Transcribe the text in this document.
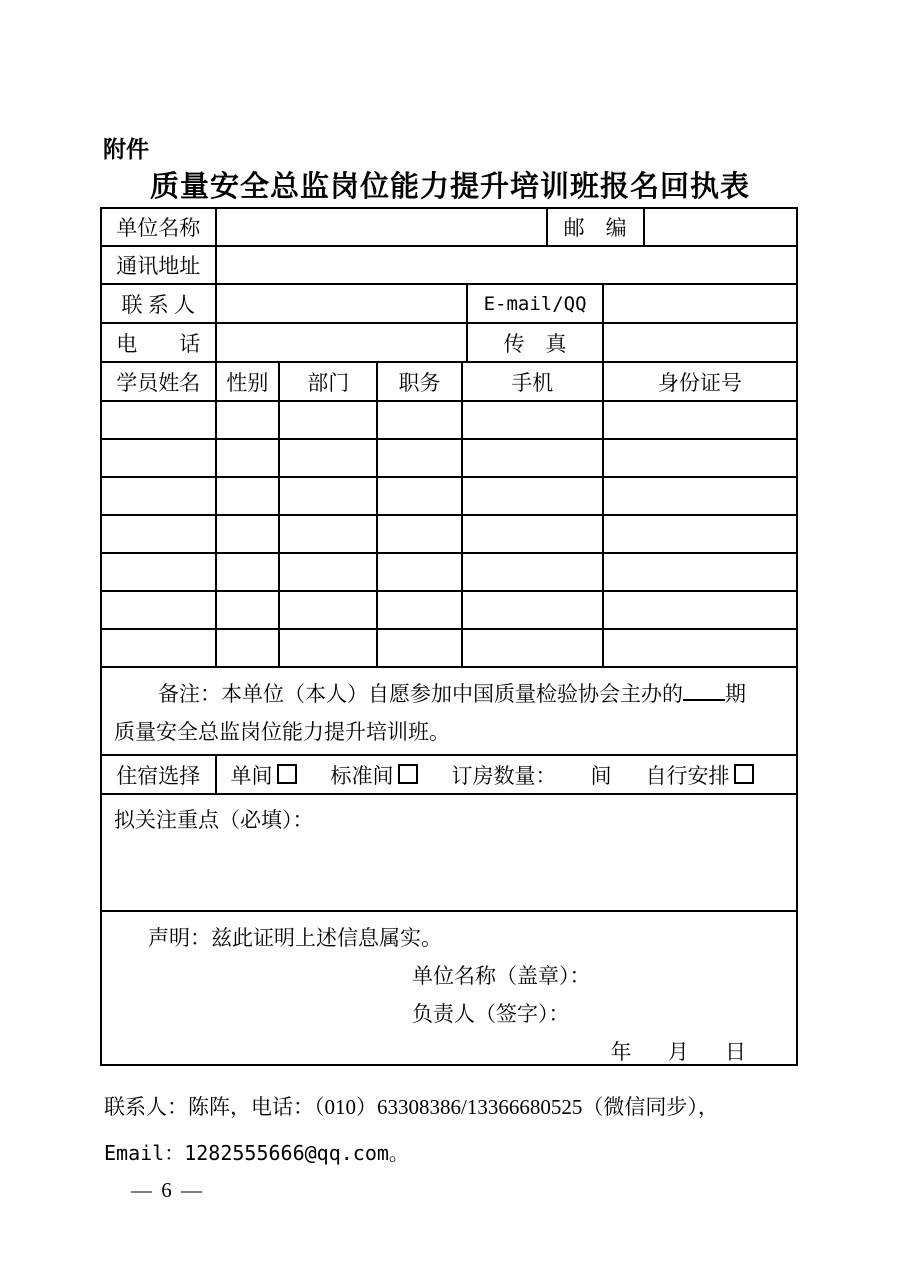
附件
质量安全总监岗位能力提升培训班报名回执表
单位名称	邮　编
通讯地址
联 系 人	E-mail/QQ
电　　话	传　真
学员姓名	性别	部门	职务	手机	身份证号
备注：本单位（本人）自愿参加中国质量检验协会主办的 期
质量安全总监岗位能力提升培训班。
住宿选择	单间	标准间	订房数量： 间 自行安排
拟关注重点（必填）：
声明：兹此证明上述信息属实。
单位名称（盖章）：
负责人（签字）：
年 月 日
联系人：陈阵，电话：（010）63308386/13366680525（微信同步），
Email：1282555666@qq.com。
— 6 —
